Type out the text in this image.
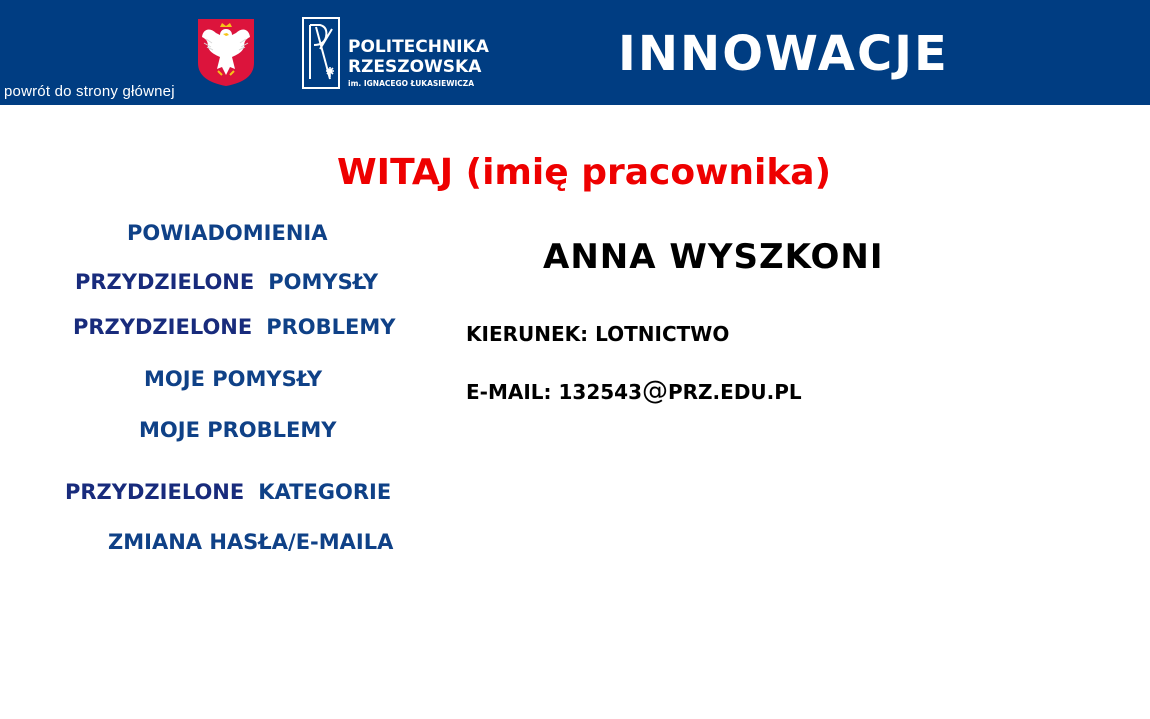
powrót do strony głównej
POLITECHNIKA
RZESZOWSKA
im. IGNACEGO ŁUKASIEWICZA
INNOWACJE
WITAJ (imię pracownika)
POWIADOMIENIA
PRZYDZIELONE POMYSŁY
PRZYDZIELONE PROBLEMY
MOJE POMYSŁY
MOJE PROBLEMY
PRZYDZIELONE KATEGORIE
ZMIANA HASŁA/E-MAILA
ANNA WYSZKONI
KIERUNEK: LOTNICTWO
E-MAIL: 132543@PRZ.EDU.PL
